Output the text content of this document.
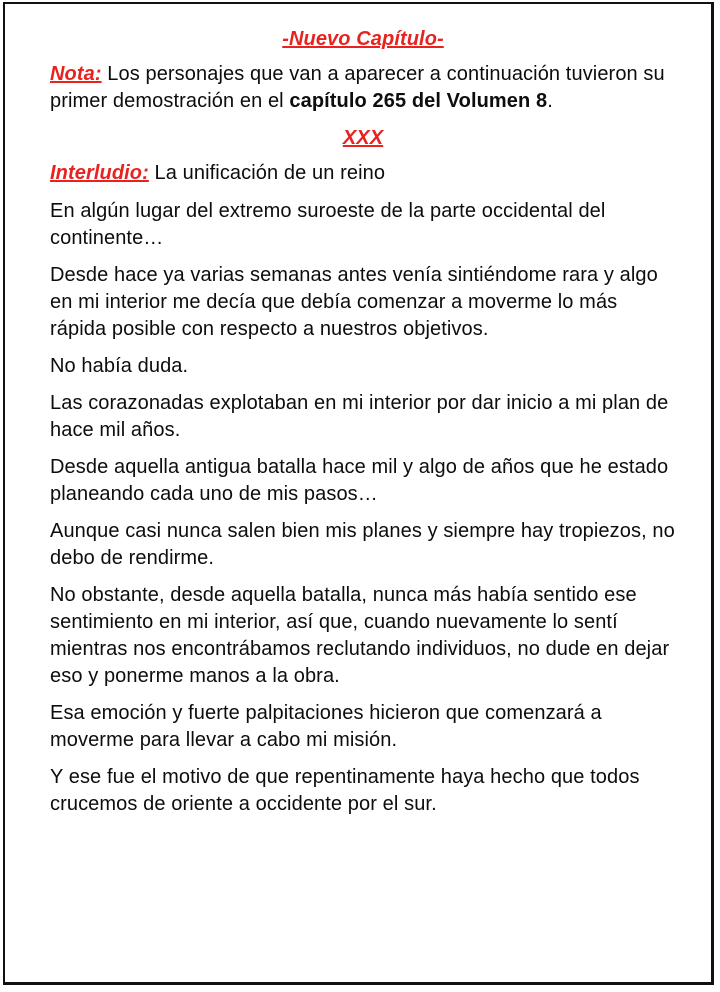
-Nuevo Capítulo-
Nota: Los personajes que van a aparecer a continuación tuvieron su primer demostración en el capítulo 265 del Volumen 8.
XXX
Interludio: La unificación de un reino
En algún lugar del extremo suroeste de la parte occidental del continente…
Desde hace ya varias semanas antes venía sintiéndome rara y algo en mi interior me decía que debía comenzar a moverme lo más rápida posible con respecto a nuestros objetivos.
No había duda.
Las corazonadas explotaban en mi interior por dar inicio a mi plan de hace mil años.
Desde aquella antigua batalla hace mil y algo de años que he estado planeando cada uno de mis pasos…
Aunque casi nunca salen bien mis planes y siempre hay tropiezos, no debo de rendirme.
No obstante, desde aquella batalla, nunca más había sentido ese sentimiento en mi interior, así que, cuando nuevamente lo sentí mientras nos encontrábamos reclutando individuos, no dude en dejar eso y ponerme manos a la obra.
Esa emoción y fuerte palpitaciones hicieron que comenzará a moverme para llevar a cabo mi misión.
Y ese fue el motivo de que repentinamente haya hecho que todos crucemos de oriente a occidente por el sur.
